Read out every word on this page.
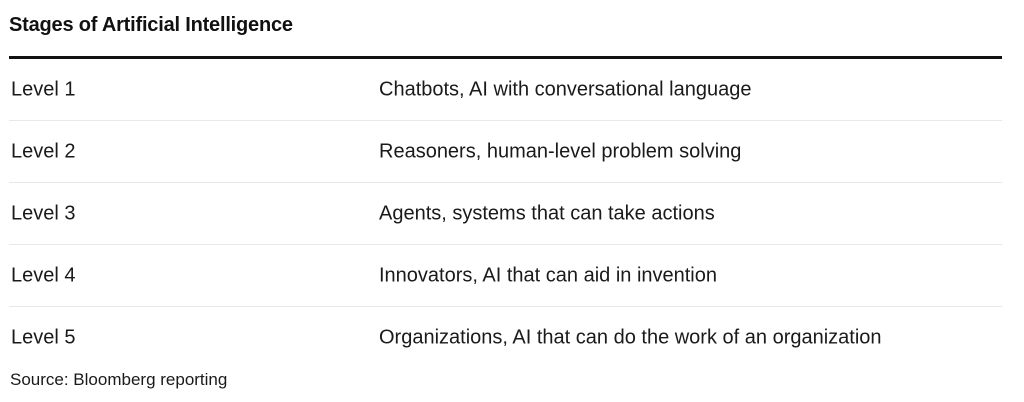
Stages of Artificial Intelligence
Level 1	Chatbots, AI with conversational language
Level 2	Reasoners, human-level problem solving
Level 3	Agents, systems that can take actions
Level 4	Innovators, AI that can aid in invention
Level 5	Organizations, AI that can do the work of an organization
Source: Bloomberg reporting
